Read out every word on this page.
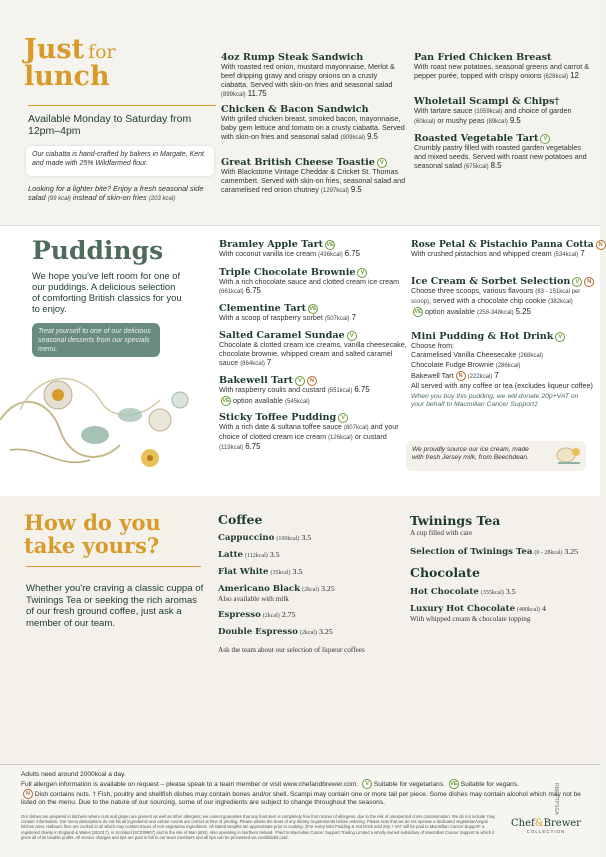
Just for
lunch
Available Monday to Saturday from 12pm–4pm
Our ciabatta is hand-crafted by bakers in Margate, Kent and made with 25% Wildfarmed flour.
Looking for a lighter bite? Enjoy a fresh seasonal side salad (99 kcal) instead of skin-on fries (203 kcal)
4oz Rump Steak Sandwich
With roasted red onion, mustard mayonnaise, Merlot & beef dripping gravy and crispy onions on a crusty ciabatta. Served with skin-on fries and seasonal salad (899kcal) 11.75
Chicken & Bacon Sandwich
With grilled chicken breast, smoked bacon, mayonnaise, baby gem lettuce and tomato on a crusty ciabatta. Served with skin-on fries and seasonal salad (909kcal) 9.5
Great British Cheese Toastie V
With Blackstone Vintage Cheddar & Cricket St. Thomas camembert. Served with skin-on fries, seasonal salad and caramelised red onion chutney (1297kcal) 9.5
Pan Fried Chicken Breast
With roast new potatoes, seasonal greens and carrot & pepper purée, topped with crispy onions (628kcal) 12
Wholetail Scampi & Chips†
With tartare sauce (1059kcal) and choice of garden (60kcal) or mushy peas (89kcal) 9.5
Roasted Vegetable Tart V
Crumbly pastry filled with roasted garden vegetables and mixed seeds. Served with roast new potatoes and seasonal salad (675kcal) 8.5
Puddings
We hope you've left room for one of our puddings. A delicious selection of comforting British classics for you to enjoy.
Treat yourself to one of our delicious seasonal desserts from our specials menu.
Bramley Apple Tart VE
With coconut vanilla ice cream (436kcal) 6.75
Triple Chocolate Brownie V
With a rich chocolate sauce and clotted cream ice cream (661kcal) 6.75
Clementine Tart VE
With a scoop of raspberry sorbet (507kcal) 7
Salted Caramel Sundae V
Chocolate & clotted cream ice creams, vanilla cheesecake, chocolate brownie, whipped cream and salted caramel sauce (864kcal) 7
Bakewell Tart V N
With raspberry coulis and custard (551kcal) 6.75
VE option available (545kcal)
Sticky Toffee Pudding V
With a rich date & sultana toffee sauce (807kcal) and your choice of clotted cream ice cream (126kcal) or custard (119kcal) 6.75
Rose Petal & Pistachio Panna Cotta N
With crushed pistachios and whipped cream (534kcal) 7
Ice Cream & Sorbet Selection V N
Choose three scoops, various flavours (83 - 151kcal per scoop), served with a chocolate chip cookie (382kcal)
VE option available (258-348kcal) 5.25
Mini Pudding & Hot Drink V
Choose from:
Caramelised Vanilla Cheesecake (268kcal)
Chocolate Fudge Brownie (286kcal)
Bakewell Tart N (222kcal) 7
All served with any coffee or tea (excludes liqueur coffee)
When you buy this pudding, we will donate 20p+VAT on your behalf to Macmillan Cancer Support‡
We proudly source our ice cream, made with fresh Jersey milk, from Beechdean.
How do you
take yours?
Whether you're craving a classic cuppa of Twinings Tea or seeking the rich aromas of our fresh ground coffee, just ask a member of our team.
Coffee
Cappuccino (100kcal) 3.5
Latte (112kcal) 3.5
Flat White (35kcal) 3.5
Americano Black (2kcal) 3.25
Also available with milk
Espresso (2kcal) 2.75
Double Espresso (2kcal) 3.25
Ask the team about our selection of liqueur coffees
Twinings Tea
A cup filled with care
Selection of Twinings Tea (0 - 28kcal) 3.25
Chocolate
Hot Chocolate (355kcal) 3.5
Luxury Hot Chocolate (480kcal) 4
With whipped cream & chocolate topping
Adults need around 2000kcal a day.
Full allergen information is available on request – please speak to a team member or visit www.chefandbrewer.com. V Suitable for vegetarians. VE Suitable for vegans.
N Dish contains nuts. † Fish, poultry and shellfish dishes may contain bones and/or shell. Scampi may contain one or more tail per piece. Some dishes may contain alcohol which may not be listed on the menu. Due to the nature of our sourcing, some of our ingredients are subject to change throughout the seasons.
Our dishes are prepared in kitchens where nuts and gluten are present as well as other allergens; we cannot guarantee that any food item is completely free from traces of allergens, due to the risk of unexpected cross contamination. We do not include 'may contain' information. Our menu descriptions do not list all ingredients and calorie counts are correct at time of printing. Please advise the team of any dietary requirements before ordering. Please note that we do not operate a dedicated vegetarian/vegan kitchen area. Halloumi fries are cooked in oil which may contain traces of non-vegetarian ingredients. All stated weights are approximate prior to cooking. ‡For every Mini Pudding & Hot Drink sold 20p + VAT will be paid to Macmillan Cancer Support* a registered charity in England & Wales (261017), in Scotland (SC039907) and in the Isle of Man (604). Also operating in Northern Ireland. *Paid to Macmillan Cancer Support Trading Limited a wholly owned subsidiary of Macmillan Cancer Support to which it gives all of its taxable profits. All service charges and tips are paid in full to our team members and all tips can be processed via credit/debit card.
Chef&Brewer
COLLECTION
RBE3-TPSGA
